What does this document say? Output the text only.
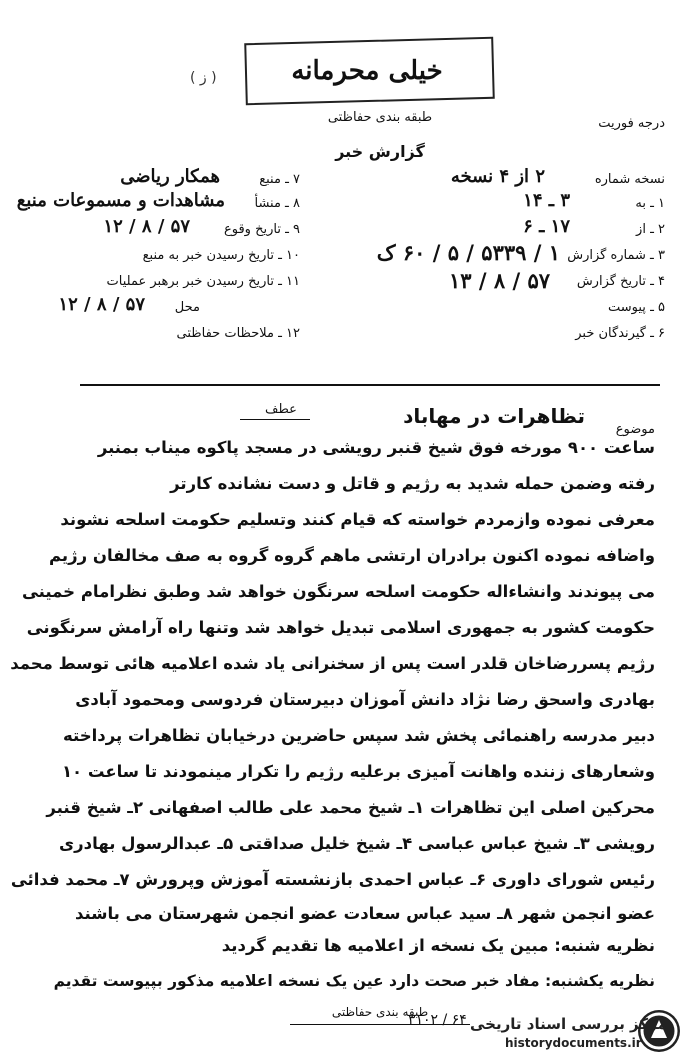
خیلی محرمانه
( ز )
طبقه بندی حفاظتی	درجه فوریت
گزارش خبر
نسخه شماره
۲ از ۴ نسخه
۱ ـ به
۳ ـ ۱۴
۲ ـ از
۱۷ ـ ۶
۳ ـ شماره گزارش
۱ / ۵۳۳۹ / ۵ / ۶۰ ک
۴ ـ تاریخ گزارش
۵۷ / ۸ / ۱۳
۵ ـ پیوست
۶ ـ گیرندگان خبر
۷ ـ منبع
همکار ریاضی
۸ ـ منشأ
مشاهدات و مسموعات منبع
۹ ـ تاریخ وقوع
۵۷ / ۸ / ۱۲
۱۰ ـ تاریخ رسیدن خبر به منبع
۱۱ ـ تاریخ رسیدن خبر برهبر عملیات
محل
۵۷ / ۸ / ۱۲
۱۲ ـ ملاحظات حفاظتی
موضوع
تظاهرات در مهاباد
عطف
ساعت ۹۰۰ مورخه فوق شیخ قنبر رویشی در مسجد پاکوه میناب بمنبر
رفته وضمن حمله شدید به رژیم و قاتل و دست نشانده کارتر
معرفی نموده وازمردم خواسته که قیام کنند وتسلیم حکومت اسلحه نشوند
واضافه نموده اکنون برادران ارتشی ماهم گروه گروه به صف مخالفان رژیم
می پیوندند وانشاءاله حکومت اسلحه سرنگون خواهد شد وطبق نظرامام خمینی
حکومت کشور به جمهوری اسلامی تبدیل خواهد شد وتنها راه آرامش سرنگونی
رژیم پسررضاخان قلدر است پس از سخنرانی یاد شده اعلامیه هائی توسط محمد
بهادری واسحق رضا نژاد دانش آموزان دبیرستان فردوسی ومحمود آبادی
دبیر مدرسه راهنمائی پخش شد سپس حاضرین درخیابان تظاهرات پرداخته
وشعارهای زننده واهانت آمیزی برعلیه رژیم را تکرار مینمودند تا ساعت ۱۰
محرکین اصلی این تظاهرات ۱ـ شیخ محمد علی طالب اصفهانی ۲ـ شیخ قنبر
رویشی ۳ـ شیخ عباس عباسی ۴ـ شیخ خلیل صداقتی ۵ـ عبدالرسول بهادری
رئیس شورای داوری ۶ـ عباس احمدی بازنشسته آموزش وپرورش ۷ـ محمد فدائی
عضو انجمن شهر ۸ـ سید عباس سعادت عضو انجمن شهرستان می باشند
نظریه شنبه: مبین یک نسخه از اعلامیه ها تقدیم گردید
نظریه یکشنبه: مفاد خبر صحت دارد عین یک نسخه اعلامیه مذکور بپیوست تقدیم
۳۱۰۲ / ۶۴
طبقه بندی حفاظتی
مرکز بررسی اسناد تاریخی
historydocuments.ir
